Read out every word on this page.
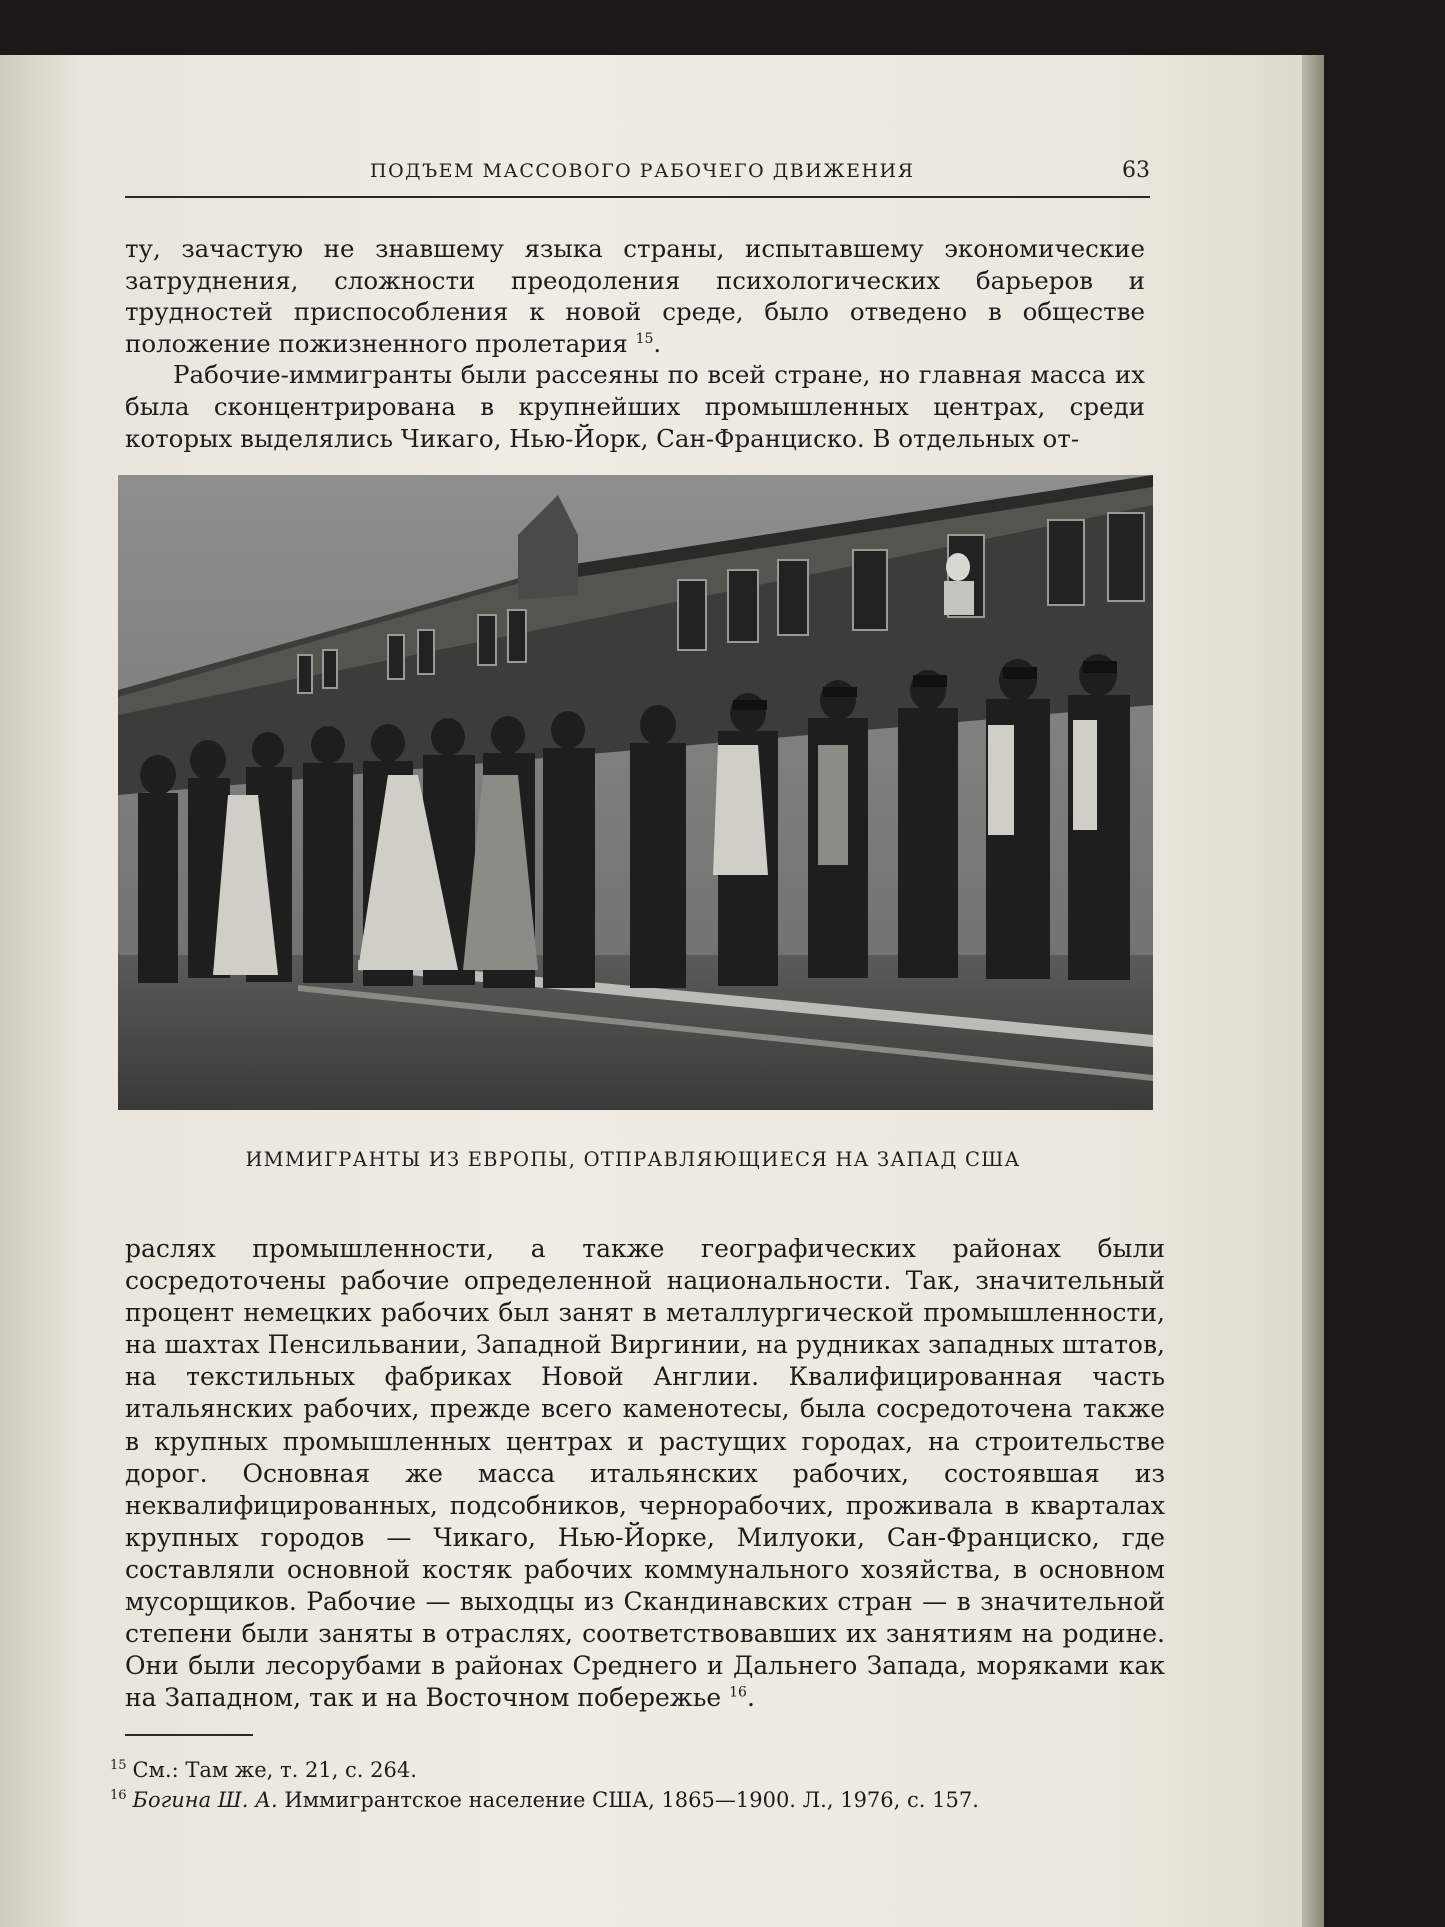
ПОДЪЕМ МАССОВОГО РАБОЧЕГО ДВИЖЕНИЯ	63

ту, зачастую не знавшему языка страны, испытавшему экономические затруднения, сложности преодоления психологических барьеров и трудностей приспособления к новой среде, было отведено в обществе положение пожизненного пролетария $^{15}$.

Рабочие-иммигранты были рассеяны по всей стране, но главная масса их была сконцентрирована в крупнейших промышленных центрах, среди которых выделялись Чикаго, Нью-Йорк, Сан-Франциско. В отдельных от-

ИММИГРАНТЫ ИЗ ЕВРОПЫ, ОТПРАВЛЯЮЩИЕСЯ НА ЗАПАД США
раслях промышленности, а также географических районах были сосредоточены рабочие определенной национальности. Так, значительный процент немецких рабочих был занят в металлургической промышленности, на шахтах Пенсильвании, Западной Виргинии, на рудниках западных штатов, на текстильных фабриках Новой Англии. Квалифицированная часть итальянских рабочих, прежде всего каменотесы, была сосредоточена также в крупных промышленных центрах и растущих городах, на строительстве дорог. Основная же масса итальянских рабочих, состоявшая из неквалифицированных, подсобников, чернорабочих, проживала в кварталах крупных городов — Чикаго, Нью-Йорке, Милуоки, Сан-Франциско, где составляли основной костяк рабочих коммунального хозяйства, в основном мусорщиков. Рабочие — выходцы из Скандинавских стран — в значительной степени были заняты в отраслях, соответствовавших их занятиям на родине. Они были лесорубами в районах Среднего и Дальнего Запада, моряками как на Западном, так и на Восточном побережье $^{16}$.
$^{15}$ См.: Там же, т. 21, с. 264.
$^{16}$ Богина Ш. А. Иммигрантское население США, 1865—1900. Л., 1976, с. 157.
